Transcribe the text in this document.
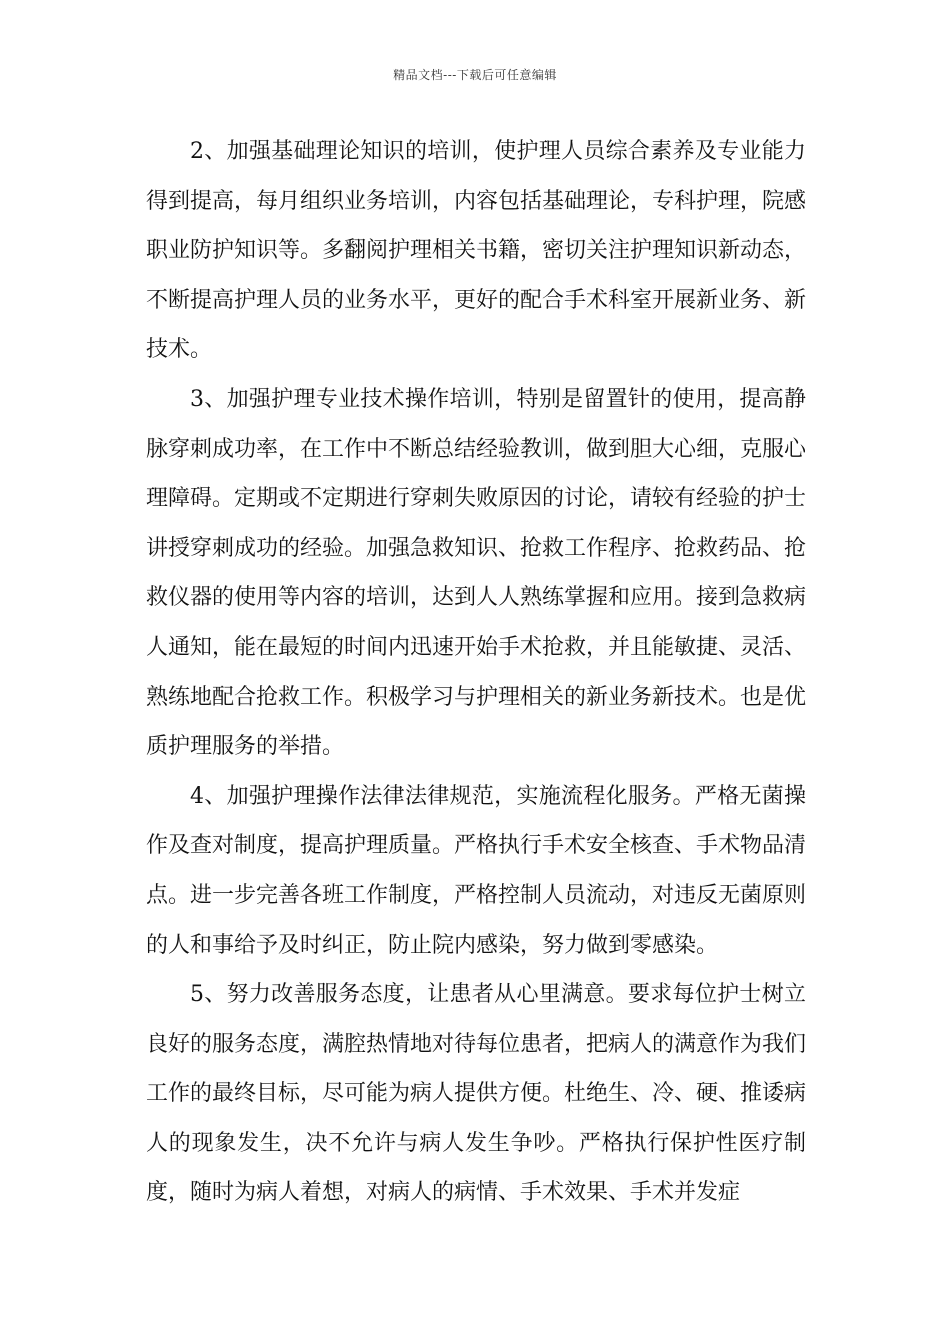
精品文档---下载后可任意编辑

2、加强基础理论知识的培训，使护理人员综合素养及专业能力得到提高，每月组织业务培训，内容包括基础理论，专科护理，院感职业防护知识等。多翻阅护理相关书籍，密切关注护理知识新动态，不断提高护理人员的业务水平，更好的配合手术科室开展新业务、新技术。

3、加强护理专业技术操作培训，特别是留置针的使用，提高静脉穿刺成功率，在工作中不断总结经验教训，做到胆大心细，克服心理障碍。定期或不定期进行穿刺失败原因的讨论，请较有经验的护士讲授穿刺成功的经验。加强急救知识、抢救工作程序、抢救药品、抢救仪器的使用等内容的培训，达到人人熟练掌握和应用。接到急救病人通知，能在最短的时间内迅速开始手术抢救，并且能敏捷、灵活、熟练地配合抢救工作。积极学习与护理相关的新业务新技术。也是优质护理服务的举措。

4、加强护理操作法律法律规范，实施流程化服务。严格无菌操作及查对制度，提高护理质量。严格执行手术安全核查、手术物品清点。进一步完善各班工作制度，严格控制人员流动，对违反无菌原则的人和事给予及时纠正，防止院内感染，努力做到零感染。

5、努力改善服务态度，让患者从心里满意。要求每位护士树立良好的服务态度，满腔热情地对待每位患者，把病人的满意作为我们工作的最终目标，尽可能为病人提供方便。杜绝生、冷、硬、推诿病人的现象发生，决不允许与病人发生争吵。严格执行保护性医疗制度，随时为病人着想，对病人的病情、手术效果、手术并发症
